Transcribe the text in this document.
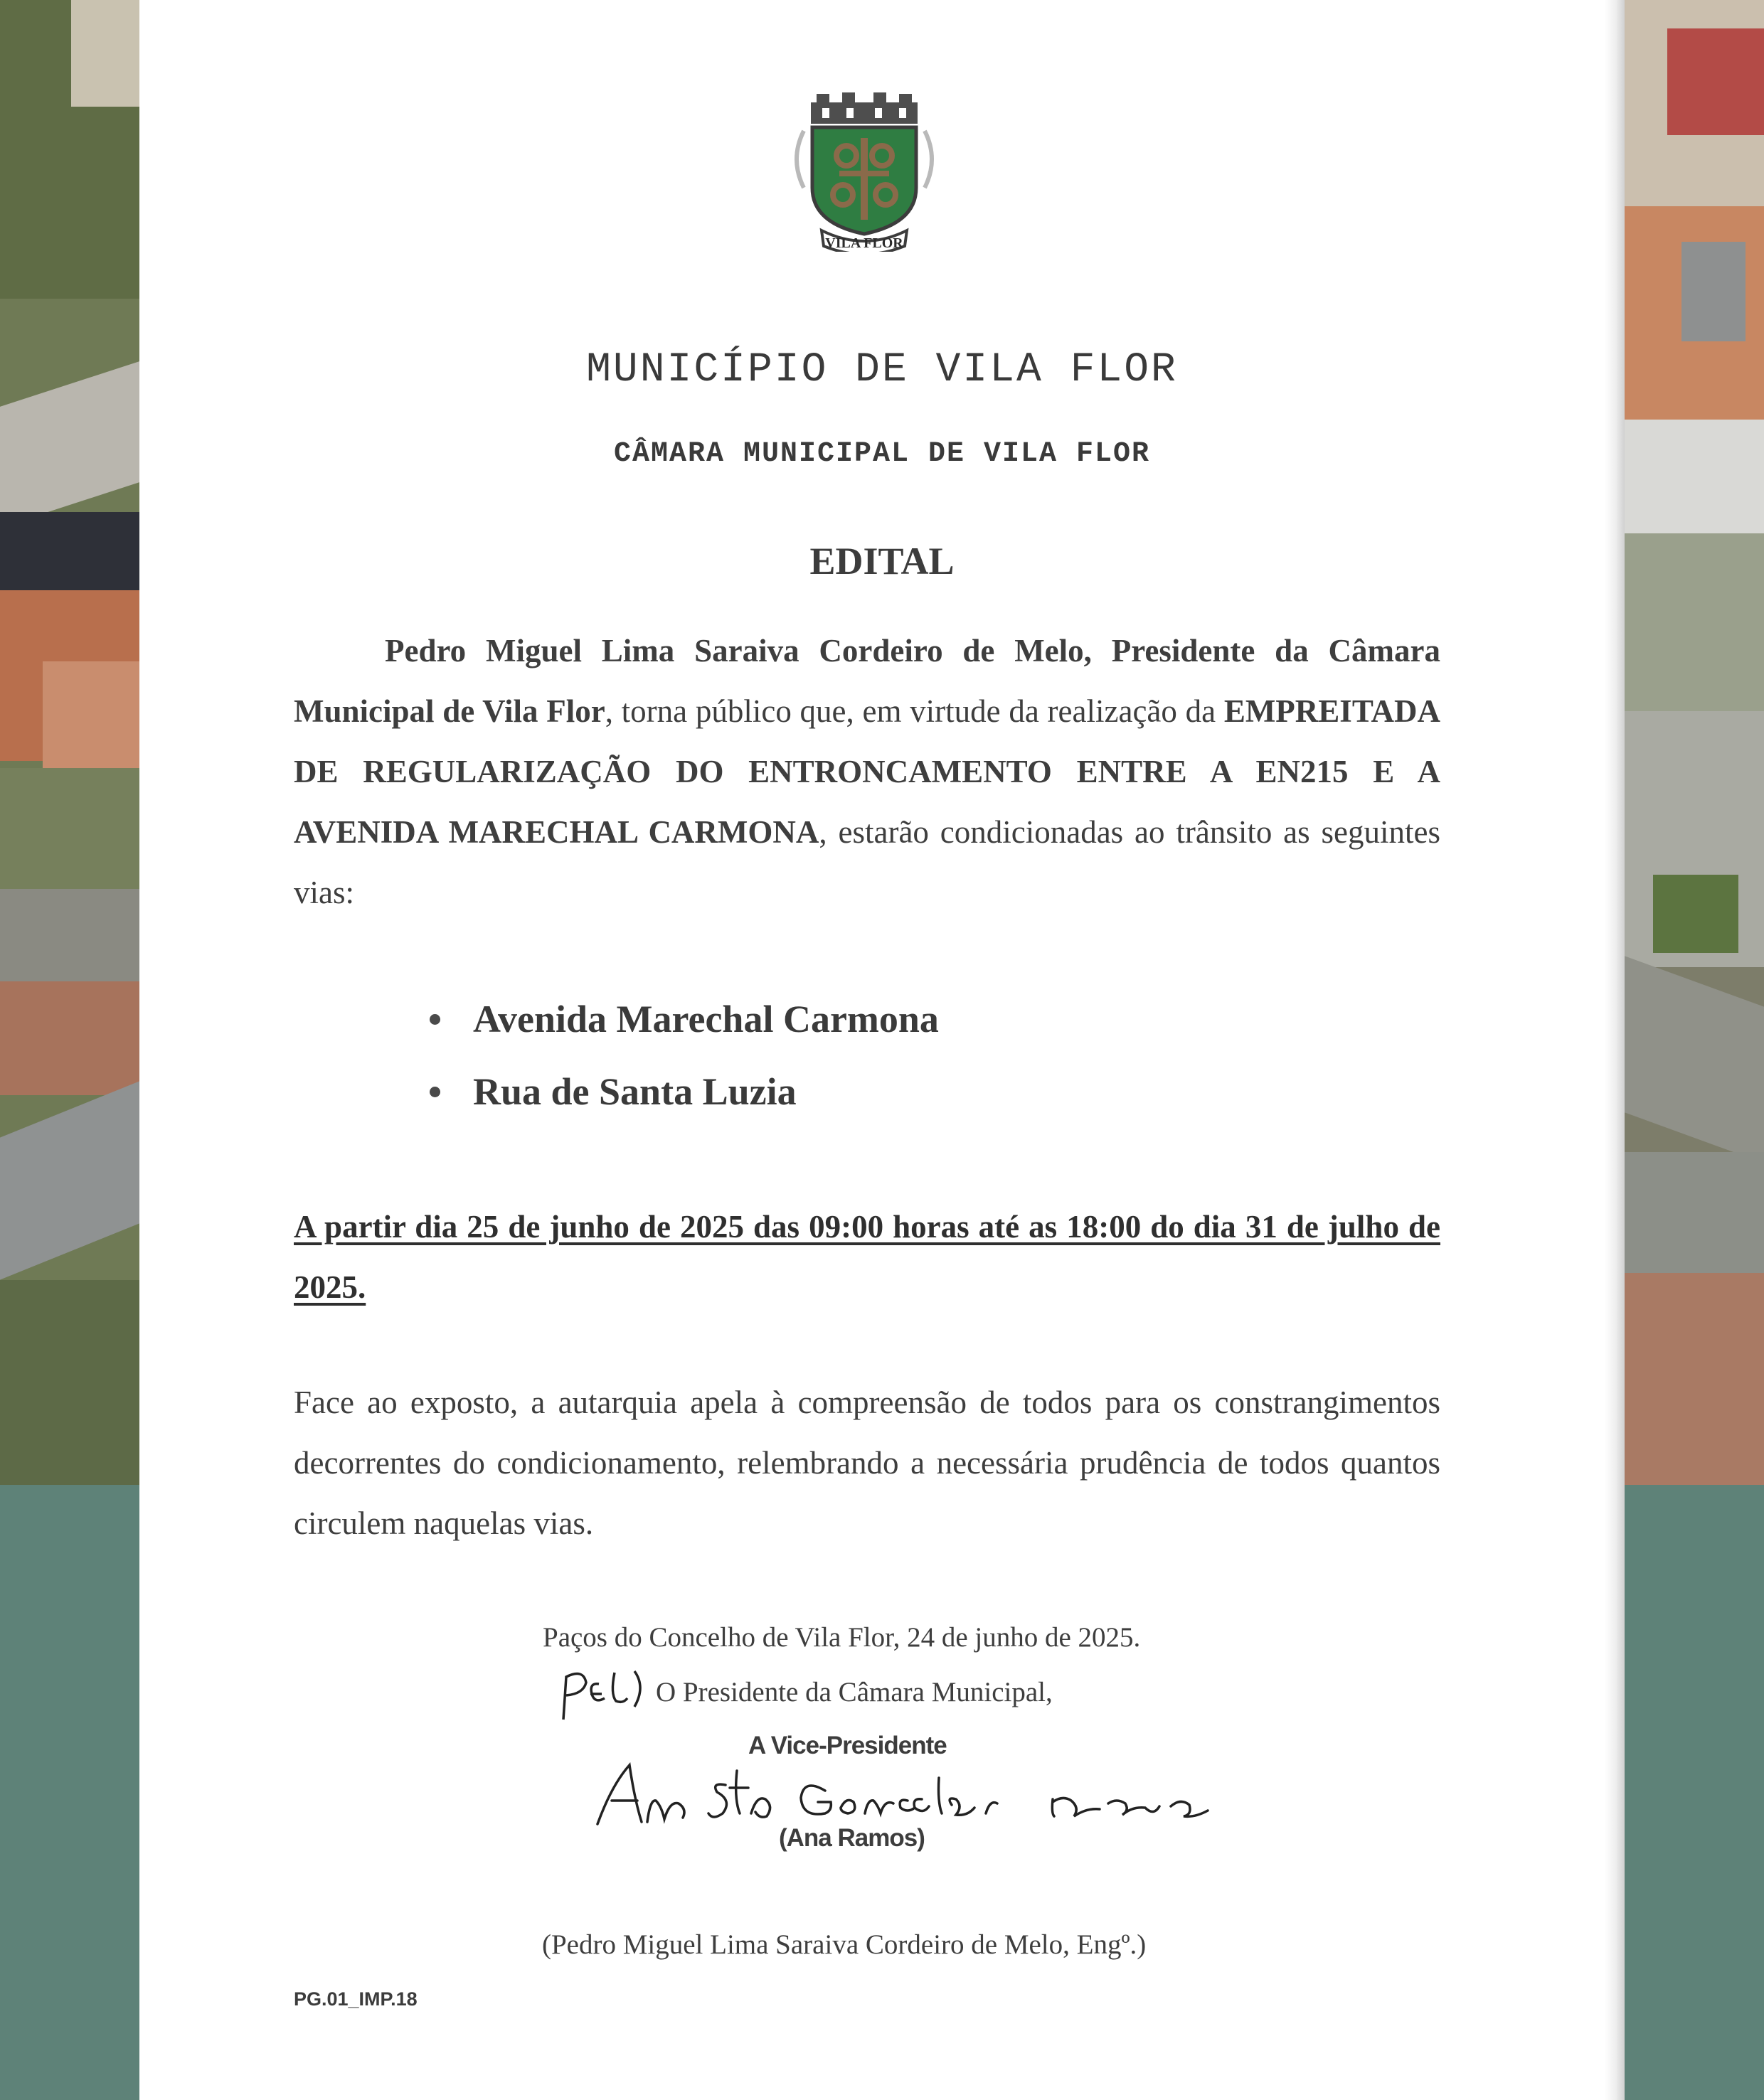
VILA FLOR
MUNICÍPIO DE VILA FLOR
CÂMARA MUNICIPAL DE VILA FLOR
EDITAL
Pedro Miguel Lima Saraiva Cordeiro de Melo, Presidente da Câmara Municipal de Vila Flor, torna público que, em virtude da realização da EMPREITADA DE REGULARIZAÇÃO DO ENTRONCAMENTO ENTRE A EN215 E A AVENIDA MARECHAL CARMONA, estarão condicionadas ao trânsito as seguintes vias:
Avenida Marechal Carmona
Rua de Santa Luzia
A partir dia 25 de junho de 2025 das 09:00 horas até as 18:00 do dia 31 de julho de 2025.
Face ao exposto, a autarquia apela à compreensão de todos para os constrangimentos decorrentes do condicionamento, relembrando a necessária prudência de todos quantos circulem naquelas vias.
Paços do Concelho de Vila Flor, 24 de junho de 2025.
O Presidente da Câmara Municipal,
A Vice-Presidente
(Ana Ramos)
(Pedro Miguel Lima Saraiva Cordeiro de Melo, Engº.)
PG.01_IMP.18
